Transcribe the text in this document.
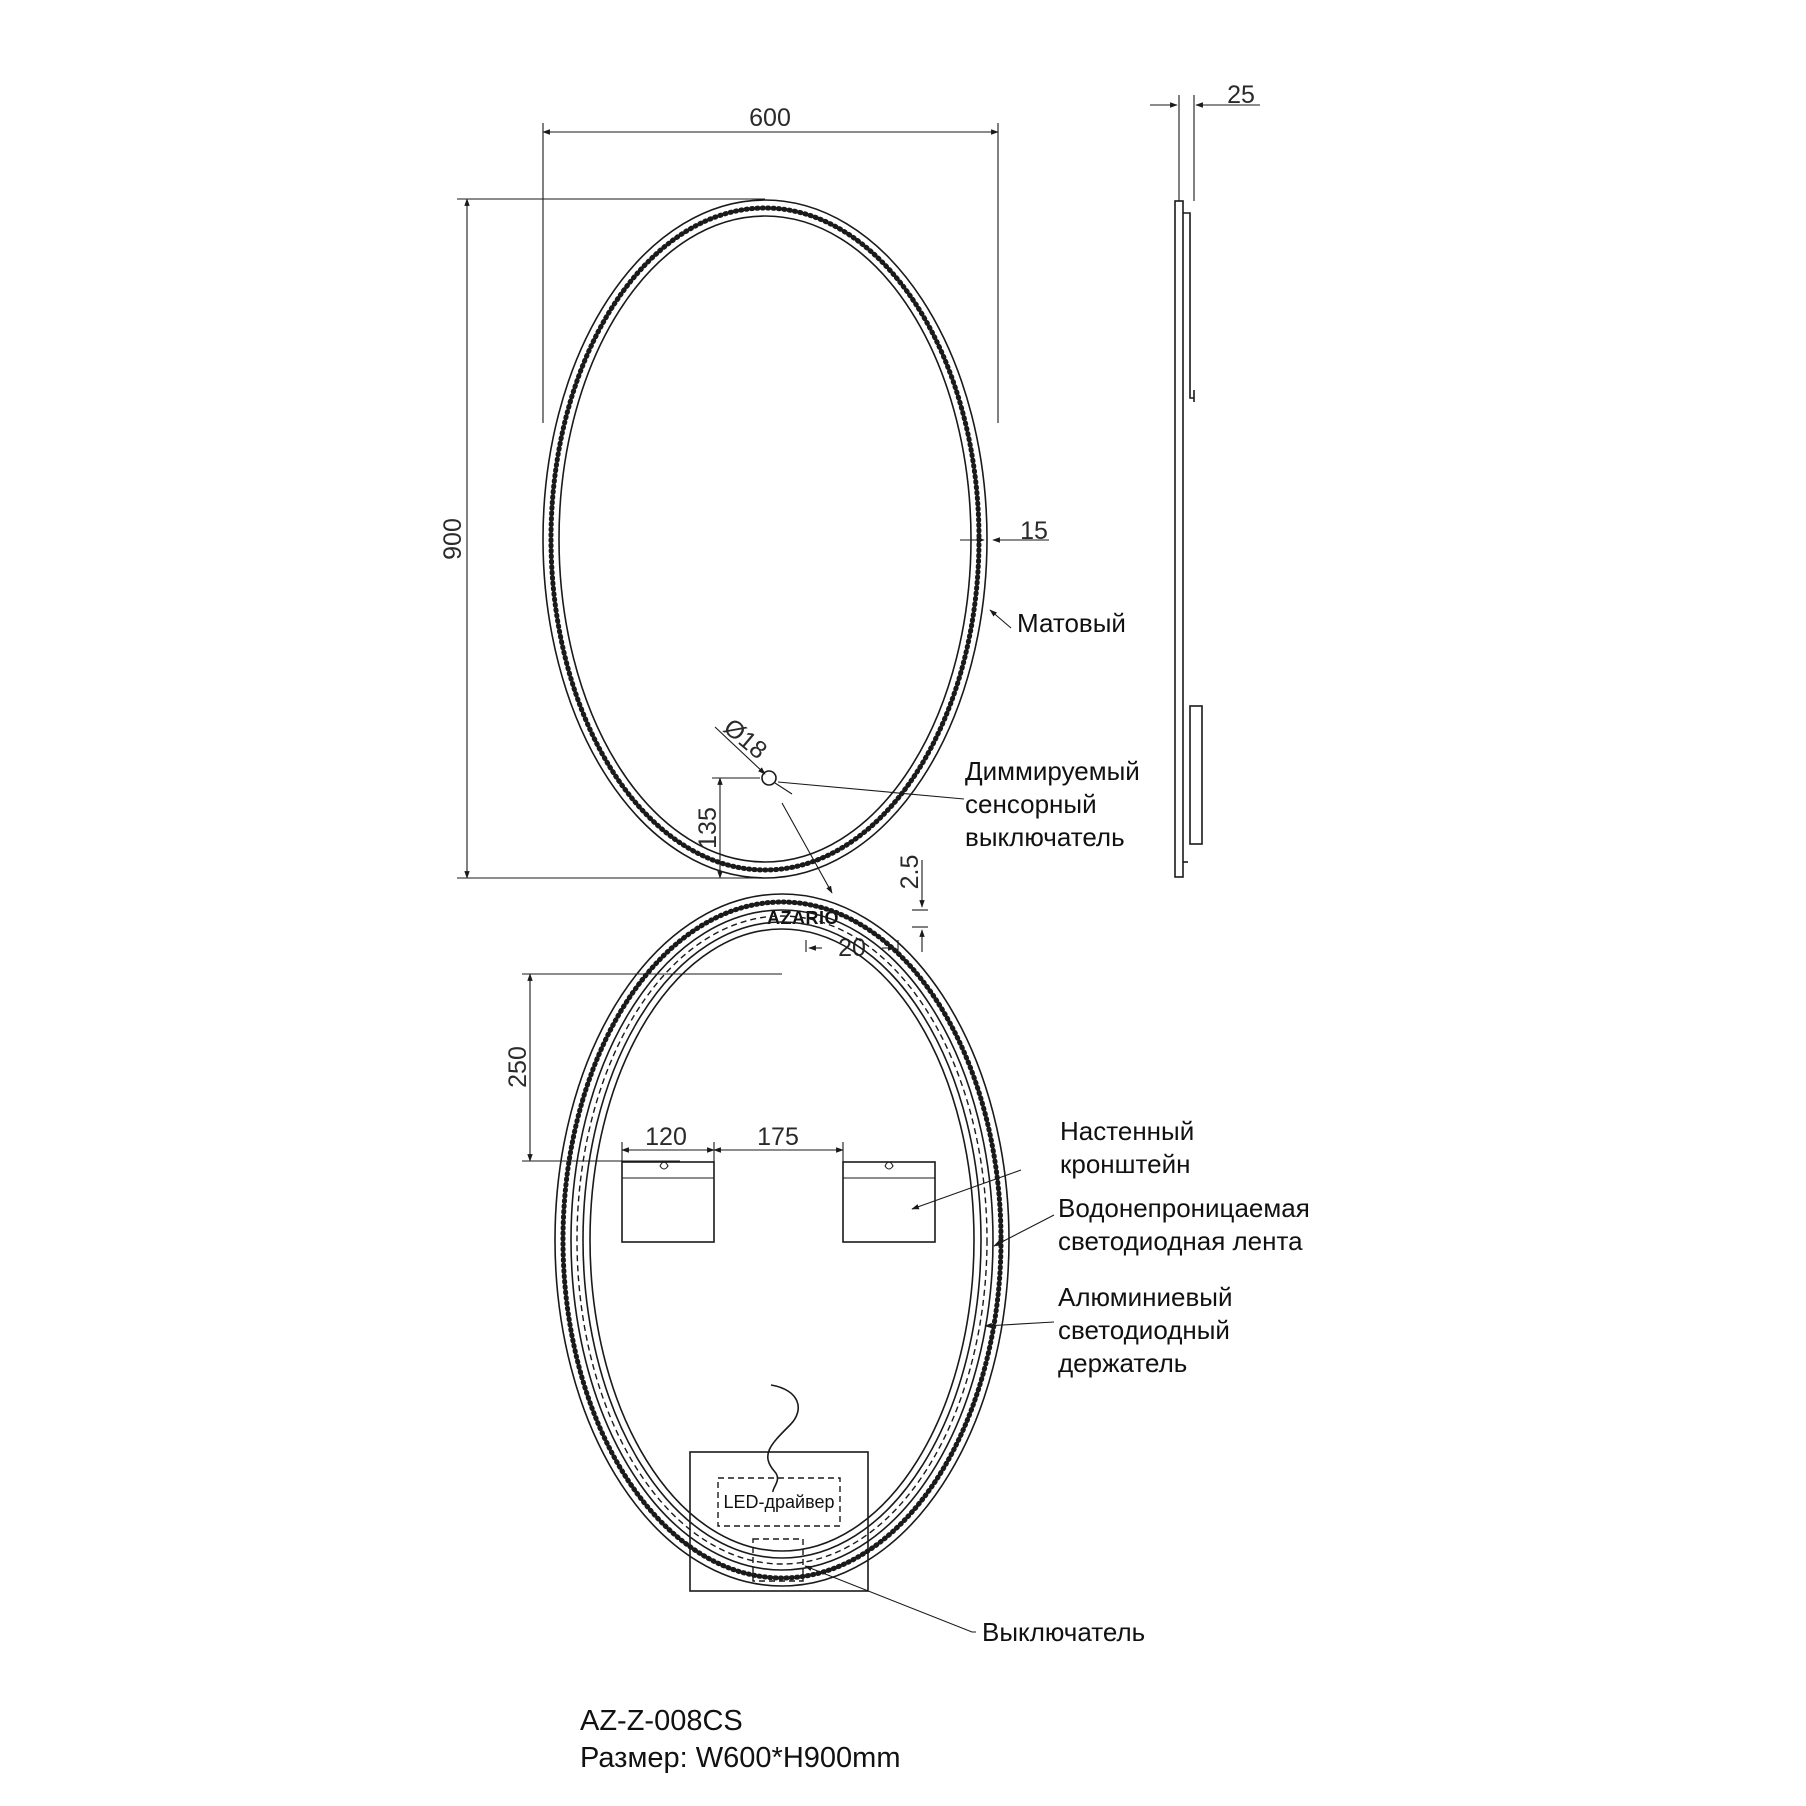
600
900	15
Матовый
Ø18
Диммируемый
сенсорный
выключатель
135
AZARIO
2.5
20
25
250
120	175	Настенный
кронштейн
Водонепроницаемая
светодиодная лента
Алюминиевый
светодиодный
держатель
LED-драйвер
Выключатель
AZ-Z-008CS
Размер: W600*H900mm
